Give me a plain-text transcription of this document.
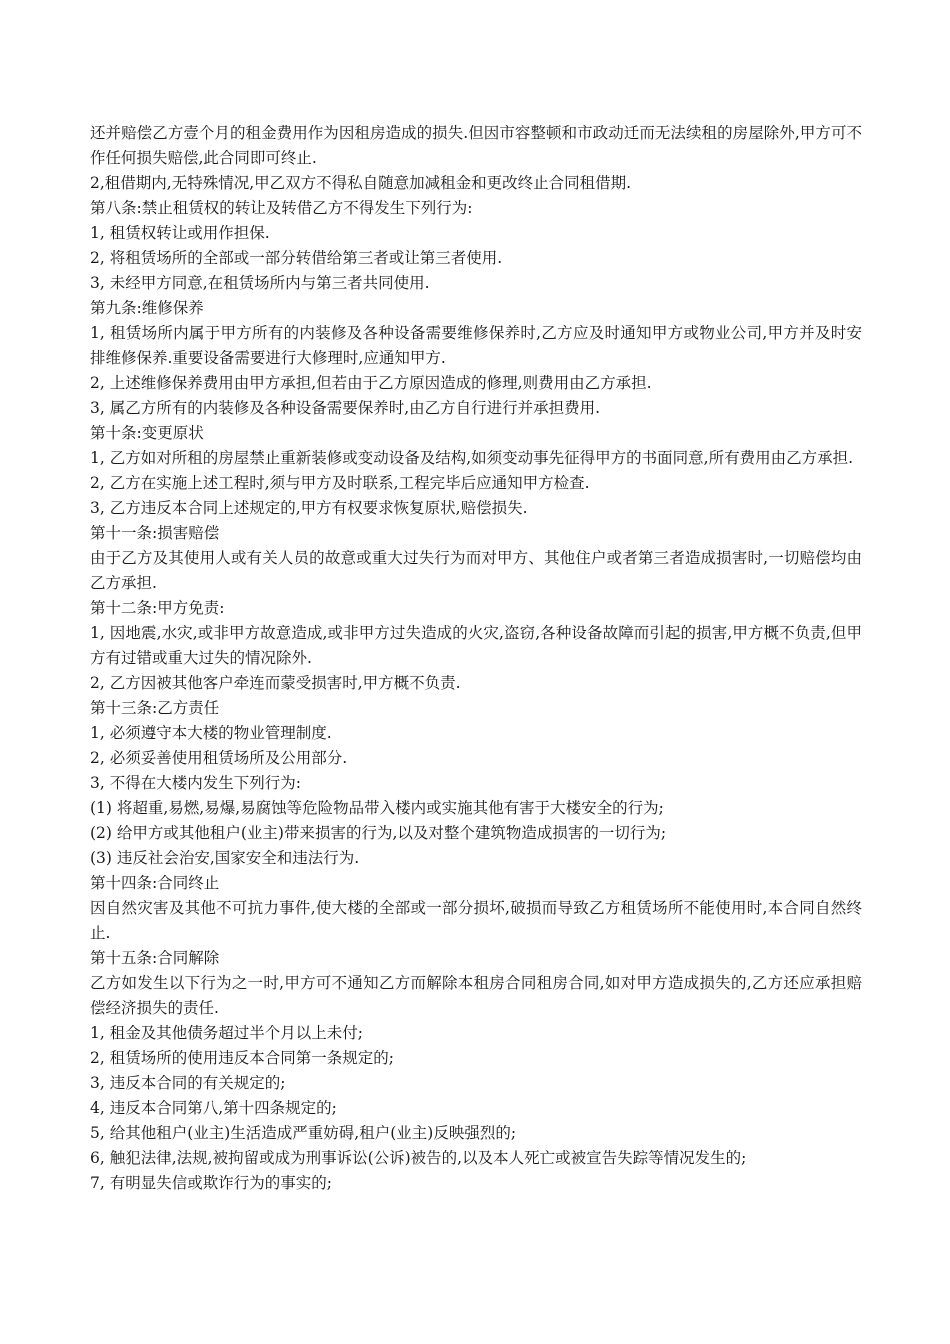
还并赔偿乙方壹个月的租金费用作为因租房造成的损失.但因市容整顿和市政动迁而无法续租的房屋除外,甲方可不作任何损失赔偿,此合同即可终止.

2,租借期内,无特殊情况,甲乙双方不得私自随意加减租金和更改终止合同租借期.

第八条:禁止租赁权的转让及转借乙方不得发生下列行为:

1, 租赁权转让或用作担保.

2, 将租赁场所的全部或一部分转借给第三者或让第三者使用.

3, 未经甲方同意,在租赁场所内与第三者共同使用.

第九条:维修保养

1, 租赁场所内属于甲方所有的内装修及各种设备需要维修保养时,乙方应及时通知甲方或物业公司,甲方并及时安排维修保养.重要设备需要进行大修理时,应通知甲方.

2, 上述维修保养费用由甲方承担,但若由于乙方原因造成的修理,则费用由乙方承担.

3, 属乙方所有的内装修及各种设备需要保养时,由乙方自行进行并承担费用.

第十条:变更原状

1, 乙方如对所租的房屋禁止重新装修或变动设备及结构,如须变动事先征得甲方的书面同意,所有费用由乙方承担.

2, 乙方在实施上述工程时,须与甲方及时联系,工程完毕后应通知甲方检查.

3, 乙方违反本合同上述规定的,甲方有权要求恢复原状,赔偿损失.

第十一条:损害赔偿

由于乙方及其使用人或有关人员的故意或重大过失行为而对甲方、其他住户或者第三者造成损害时,一切赔偿均由乙方承担.

第十二条:甲方免责:

1, 因地震,水灾,或非甲方故意造成,或非甲方过失造成的火灾,盗窃,各种设备故障而引起的损害,甲方概不负责,但甲方有过错或重大过失的情况除外.

2, 乙方因被其他客户牵连而蒙受损害时,甲方概不负责.

第十三条:乙方责任

1, 必须遵守本大楼的物业管理制度.

2, 必须妥善使用租赁场所及公用部分.

3, 不得在大楼内发生下列行为:

(1) 将超重,易燃,易爆,易腐蚀等危险物品带入楼内或实施其他有害于大楼安全的行为;

(2) 给甲方或其他租户(业主)带来损害的行为,以及对整个建筑物造成损害的一切行为;

(3) 违反社会治安,国家安全和违法行为.

第十四条:合同终止

因自然灾害及其他不可抗力事件,使大楼的全部或一部分损坏,破损而导致乙方租赁场所不能使用时,本合同自然终止.

第十五条:合同解除

乙方如发生以下行为之一时,甲方可不通知乙方而解除本租房合同租房合同,如对甲方造成损失的,乙方还应承担赔偿经济损失的责任.

1, 租金及其他债务超过半个月以上未付;

2, 租赁场所的使用违反本合同第一条规定的;

3, 违反本合同的有关规定的;

4, 违反本合同第八,第十四条规定的;

5, 给其他租户(业主)生活造成严重妨碍,租户(业主)反映强烈的;

6, 触犯法律,法规,被拘留或成为刑事诉讼(公诉)被告的,以及本人死亡或被宣告失踪等情况发生的;

7, 有明显失信或欺诈行为的事实的;
